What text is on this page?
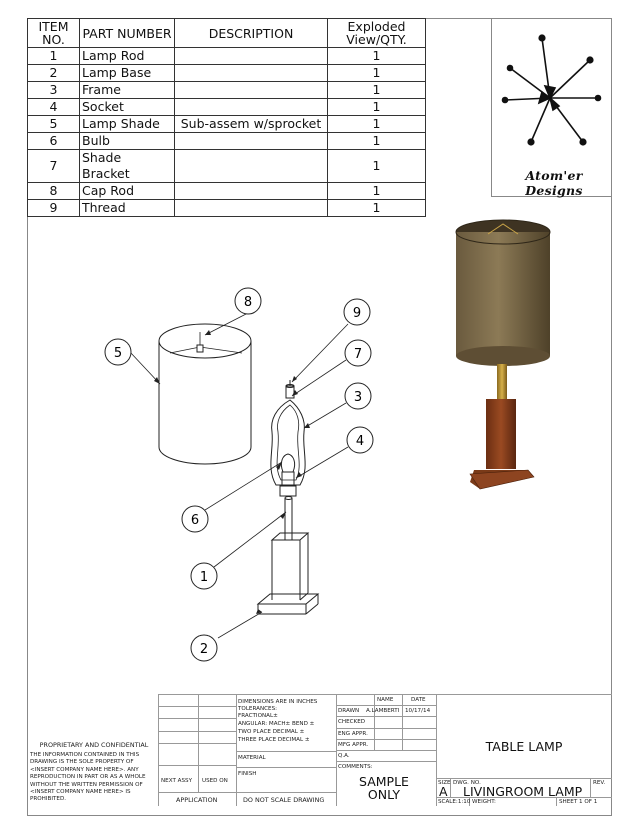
ITEM
NO.	PART NUMBER	DESCRIPTION	Exploded
View/QTY.
1	Lamp Rod		1
2	Lamp Base		1
3	Frame		1
4	Socket		1
5	Lamp Shade	Sub-assem w/sprocket	1
6	Bulb		1
7	Shade Bracket		1
8	Cap Rod		1
9	Thread		1
Atom'er Designs
1
2
3
4
5
6
7
8
9
PROPRIETARY AND CONFIDENTIAL
THE INFORMATION CONTAINED IN THIS DRAWING IS THE SOLE PROPERTY OF <INSERT COMPANY NAME HERE>. ANY REPRODUCTION IN PART OR AS A WHOLE WITHOUT THE WRITTEN PERMISSION OF <INSERT COMPANY NAME HERE> IS PROHIBITED.
NEXT ASSY USED ON
APPLICATION	DO NOT SCALE DRAWING
DIMENSIONS ARE IN INCHES
TOLERANCES:
FRACTIONAL±
ANGULAR: MACH± BEND ±
TWO PLACE DECIMAL ±
THREE PLACE DECIMAL ±
MATERIAL
FINISH
NAME	DATE
DRAWN A.LAMBERTI 10/17/14
CHECKED
ENG APPR.
MFG APPR.
Q.A.
COMMENTS:
SAMPLE
ONLY
TABLE LAMP
SIZE
A
DWG. NO.
LIVINGROOM LAMP
REV.
SCALE:1:10 WEIGHT:	SHEET 1 OF 1
